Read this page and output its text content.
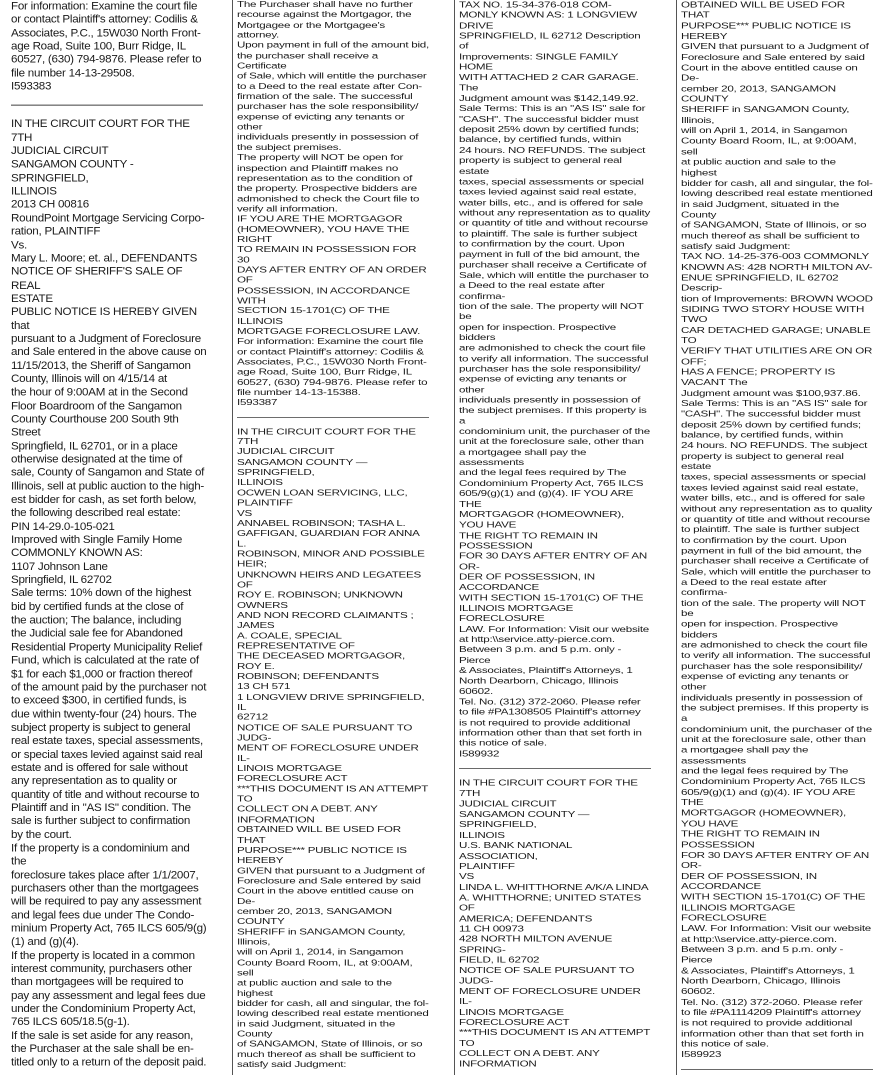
For information: Examine the court file
or contact Plaintiff's attorney: Codilis &
Associates, P.C., 15W030 North Front-
age Road, Suite 100, Burr Ridge, IL
60527, (630) 794-9876. Please refer to
file number 14-13-29508.
I593383
IN THE CIRCUIT COURT FOR THE 7TH
JUDICIAL CIRCUIT
SANGAMON COUNTY - SPRINGFIELD,
ILLINOIS
2013 CH 00816
RoundPoint Mortgage Servicing Corpo-
ration, PLAINTIFF
Vs.
Mary L. Moore; et. al., DEFENDANTS
NOTICE OF SHERIFF'S SALE OF REAL
ESTATE
PUBLIC NOTICE IS HEREBY GIVEN that
pursuant to a Judgment of Foreclosure
and Sale entered in the above cause on
11/15/2013, the Sheriff of Sangamon
County, Illinois will on 4/15/14 at
the hour of 9:00AM at in the Second
Floor Boardroom of the Sangamon
County Courthouse 200 South 9th Street
Springfield, IL 62701, or in a place
otherwise designated at the time of
sale, County of Sangamon and State of
Illinois, sell at public auction to the high-
est bidder for cash, as set forth below,
the following described real estate:
PIN 14-29.0-105-021
Improved with Single Family Home
COMMONLY KNOWN AS:
1107 Johnson Lane
Springfield, IL 62702
Sale terms: 10% down of the highest
bid by certified funds at the close of
the auction; The balance, including
the Judicial sale fee for Abandoned
Residential Property Municipality Relief
Fund, which is calculated at the rate of
$1 for each $1,000 or fraction thereof
of the amount paid by the purchaser not
to exceed $300, in certified funds, is
due within twenty-four (24) hours. The
subject property is subject to general
real estate taxes, special assessments,
or special taxes levied against said real
estate and is offered for sale without
any representation as to quality or
quantity of title and without recourse to
Plaintiff and in "AS IS" condition. The
sale is further subject to confirmation
by the court.
If the property is a condominium and the
foreclosure takes place after 1/1/2007,
purchasers other than the mortgagees
will be required to pay any assessment
and legal fees due under The Condo-
minium Property Act, 765 ILCS 605/9(g)
(1) and (g)(4).
If the property is located in a common
interest community, purchasers other
than mortgagees will be required to
pay any assessment and legal fees due
under the Condominium Property Act,
765 ILCS 605/18.5(g-1).
If the sale is set aside for any reason,
the Purchaser at the sale shall be en-
titled only to a return of the deposit paid.
The Purchaser shall have no further
recourse against the Mortgagor, the
Mortgagee or the Mortgagee's attorney.
Upon payment in full of the amount bid,
the purchaser shall receive a Certificate
of Sale, which will entitle the purchaser
to a Deed to the real estate after Con-
firmation of the sale. The successful
purchaser has the sole responsibility/
expense of evicting any tenants or other
individuals presently in possession of
the subject premises.
The property will NOT be open for
inspection and Plaintiff makes no
representation as to the condition of
the property. Prospective bidders are
admonished to check the Court file to
verify all information.
IF YOU ARE THE MORTGAGOR
(HOMEOWNER), YOU HAVE THE RIGHT
TO REMAIN IN POSSESSION FOR 30
DAYS AFTER ENTRY OF AN ORDER OF
POSSESSION, IN ACCORDANCE WITH
SECTION 15-1701(C) OF THE ILLINOIS
MORTGAGE FORECLOSURE LAW.
For information: Examine the court file
or contact Plaintiff's attorney: Codilis &
Associates, P.C., 15W030 North Front-
age Road, Suite 100, Burr Ridge, IL
60527, (630) 794-9876. Please refer to
file number 14-13-15388.
I593387
IN THE CIRCUIT COURT FOR THE 7TH
JUDICIAL CIRCUIT
SANGAMON COUNTY — SPRINGFIELD,
ILLINOIS
OCWEN LOAN SERVICING, LLC,
PLAINTIFF
VS
ANNABEL ROBINSON; TASHA L.
GAFFIGAN, GUARDIAN FOR ANNA L.
ROBINSON, MINOR AND POSSIBLE HEIR;
UNKNOWN HEIRS AND LEGATEES OF
ROY E. ROBINSON; UNKNOWN OWNERS
AND NON RECORD CLAIMANTS ; JAMES
A. COALE, SPECIAL REPRESENTATIVE OF
THE DECEASED MORTGAGOR, ROY E.
ROBINSON; DEFENDANTS
13 CH 571
1 LONGVIEW DRIVE SPRINGFIELD, IL
62712
NOTICE OF SALE PURSUANT TO JUDG-
MENT OF FORECLOSURE UNDER IL-
LINOIS MORTGAGE FORECLOSURE ACT
***THIS DOCUMENT IS AN ATTEMPT TO
COLLECT ON A DEBT. ANY INFORMATION
OBTAINED WILL BE USED FOR THAT
PURPOSE*** PUBLIC NOTICE IS HEREBY
GIVEN that pursuant to a Judgment of
Foreclosure and Sale entered by said
Court in the above entitled cause on De-
cember 20, 2013, SANGAMON COUNTY
SHERIFF in SANGAMON County, Illinois,
will on April 1, 2014, in Sangamon
County Board Room, IL, at 9:00AM, sell
at public auction and sale to the highest
bidder for cash, all and singular, the fol-
lowing described real estate mentioned
in said Judgment, situated in the County
of SANGAMON, State of Illinois, or so
much thereof as shall be sufficient to
satisfy said Judgment:
TAX NO. 15-34-376-018 COM-
MONLY KNOWN AS: 1 LONGVIEW DRIVE
SPRINGFIELD, IL 62712 Description of
Improvements: SINGLE FAMILY HOME
WITH ATTACHED 2 CAR GARAGE. The
Judgment amount was $142,149.92.
Sale Terms: This is an "AS IS" sale for
"CASH". The successful bidder must
deposit 25% down by certified funds;
balance, by certified funds, within
24 hours. NO REFUNDS. The subject
property is subject to general real estate
taxes, special assessments or special
taxes levied against said real estate,
water bills, etc., and is offered for sale
without any representation as to quality
or quantity of title and without recourse
to plaintiff. The sale is further subject
to confirmation by the court. Upon
payment in full of the bid amount, the
purchaser shall receive a Certificate of
Sale, which will entitle the purchaser to
a Deed to the real estate after confirma-
tion of the sale. The property will NOT be
open for inspection. Prospective bidders
are admonished to check the court file
to verify all information. The successful
purchaser has the sole responsibility/
expense of evicting any tenants or other
individuals presently in possession of
the subject premises. If this property is a
condominium unit, the purchaser of the
unit at the foreclosure sale, other than
a mortgagee shall pay the assessments
and the legal fees required by The
Condominium Property Act, 765 ILCS
605/9(g)(1) and (g)(4). IF YOU ARE THE
MORTGAGOR (HOMEOWNER), YOU HAVE
THE RIGHT TO REMAIN IN POSSESSION
FOR 30 DAYS AFTER ENTRY OF AN OR-
DER OF POSSESSION, IN ACCORDANCE
WITH SECTION 15-1701(C) OF THE
ILLINOIS MORTGAGE FORECLOSURE
LAW. For Information: Visit our website
at http:\\service.atty-pierce.com.
Between 3 p.m. and 5 p.m. only - Pierce
& Associates, Plaintiff's Attorneys, 1
North Dearborn, Chicago, Illinois 60602.
Tel. No. (312) 372-2060. Please refer
to file #PA1308505 Plaintiff's attorney
is not required to provide additional
information other than that set forth in
this notice of sale.
I589932
IN THE CIRCUIT COURT FOR THE 7TH
JUDICIAL CIRCUIT
SANGAMON COUNTY — SPRINGFIELD,
ILLINOIS
U.S. BANK NATIONAL ASSOCIATION,
PLAINTIFF
VS
LINDA L. WHITTHORNE A/K/A LINDA
A. WHITTHORNE; UNITED STATES OF
AMERICA; DEFENDANTS
11 CH 00973
428 NORTH MILTON AVENUE SPRING-
FIELD, IL 62702
NOTICE OF SALE PURSUANT TO JUDG-
MENT OF FORECLOSURE UNDER IL-
LINOIS MORTGAGE FORECLOSURE ACT
***THIS DOCUMENT IS AN ATTEMPT TO
COLLECT ON A DEBT. ANY INFORMATION
OBTAINED WILL BE USED FOR THAT
PURPOSE*** PUBLIC NOTICE IS HEREBY
GIVEN that pursuant to a Judgment of
Foreclosure and Sale entered by said
Court in the above entitled cause on De-
cember 20, 2013, SANGAMON COUNTY
SHERIFF in SANGAMON County, Illinois,
will on April 1, 2014, in Sangamon
County Board Room, IL, at 9:00AM, sell
at public auction and sale to the highest
bidder for cash, all and singular, the fol-
lowing described real estate mentioned
in said Judgment, situated in the County
of SANGAMON, State of Illinois, or so
much thereof as shall be sufficient to
satisfy said Judgment:
TAX NO. 14-25-376-003 COMMONLY
KNOWN AS: 428 NORTH MILTON AV-
ENUE SPRINGFIELD, IL 62702 Descrip-
tion of Improvements: BROWN WOOD
SIDING TWO STORY HOUSE WITH TWO
CAR DETACHED GARAGE; UNABLE TO
VERIFY THAT UTILITIES ARE ON OR OFF;
HAS A FENCE; PROPERTY IS VACANT The
Judgment amount was $100,937.86.
Sale Terms: This is an "AS IS" sale for
"CASH". The successful bidder must
deposit 25% down by certified funds;
balance, by certified funds, within
24 hours. NO REFUNDS. The subject
property is subject to general real estate
taxes, special assessments or special
taxes levied against said real estate,
water bills, etc., and is offered for sale
without any representation as to quality
or quantity of title and without recourse
to plaintiff. The sale is further subject
to confirmation by the court. Upon
payment in full of the bid amount, the
purchaser shall receive a Certificate of
Sale, which will entitle the purchaser to
a Deed to the real estate after confirma-
tion of the sale. The property will NOT be
open for inspection. Prospective bidders
are admonished to check the court file
to verify all information. The successful
purchaser has the sole responsibility/
expense of evicting any tenants or other
individuals presently in possession of
the subject premises. If this property is a
condominium unit, the purchaser of the
unit at the foreclosure sale, other than
a mortgagee shall pay the assessments
and the legal fees required by The
Condominium Property Act, 765 ILCS
605/9(g)(1) and (g)(4). IF YOU ARE THE
MORTGAGOR (HOMEOWNER), YOU HAVE
THE RIGHT TO REMAIN IN POSSESSION
FOR 30 DAYS AFTER ENTRY OF AN OR-
DER OF POSSESSION, IN ACCORDANCE
WITH SECTION 15-1701(C) OF THE
ILLINOIS MORTGAGE FORECLOSURE
LAW. For Information: Visit our website
at http:\\service.atty-pierce.com.
Between 3 p.m. and 5 p.m. only - Pierce
& Associates, Plaintiff's Attorneys, 1
North Dearborn, Chicago, Illinois 60602.
Tel. No. (312) 372-2060. Please refer
to file #PA1114209 Plaintiff's attorney
is not required to provide additional
information other than that set forth in
this notice of sale.
I589923
